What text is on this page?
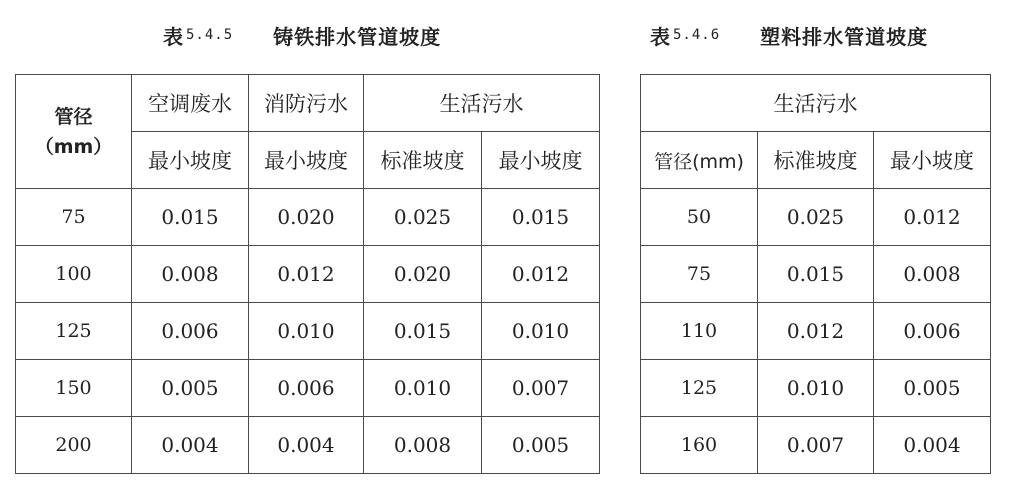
表 5.4.5 铸铁排水管道坡度	表 5.4.6 塑料排水管道坡度
管径
（mm）	空调废水	消防污水	生活污水	
	最小坡度	最小坡度	标准坡度	最小坡度
75	0.015	0.020	0.025	0.015
100	0.008	0.012	0.020	0.012
125	0.006	0.010	0.015	0.010
150	0.005	0.006	0.010	0.007
200	0.004	0.004	0.008	0.005
生活污水		
管径(mm)	标准坡度	最小坡度
50	0.025	0.012
75	0.015	0.008
110	0.012	0.006
125	0.010	0.005
160	0.007	0.004
